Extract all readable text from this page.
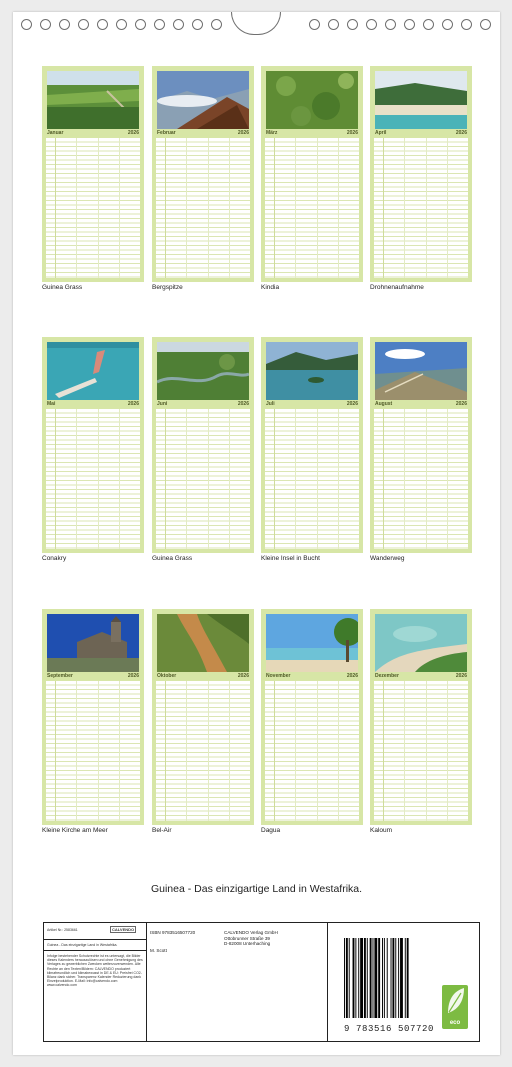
Januar	2026
Guinea Grass
Februar	2026
Bergspitze
März	2026
Kindia
April	2026
Drohnenaufnahme
Mai	2026
Conakry
Juni	2026
Guinea Grass
Juli	2026
Kleine Insel in Bucht
August	2026
Wanderweg
September	2026
Kleine Kirche am Meer
Oktober	2026
Bel-Air
November	2026
Dagua
Dezember	2026
Kaloum
Guinea - Das einzigartige Land in Westafrika.
Artikel Nr.: 2583661	CALVENDO
Guinea - Das einzigartige Land in Westafrika.
Infolge bestehender Schutzrechte ist es untersagt, die Bilder dieses Kalenders herauszulösen und ohne Genehmigung des Verlages zu gewerblichen Zwecken weiterzuverwenden. Alle Rechte an den Texten/Bildern: CALVENDO produziert klimafreundlich und klimabewusst in DE & EU: Preisfrei CO2-Bilanz dank sicher. Transparenz Kalender Reduzierung dank Einzelproduktion. E-Mail: info@calvendo.com www.calvendo.com
ISBN 9783516507720
M. Scott
CALVENDO Verlag GmbH
Ottobrunner Straße 39
D-82008 Unterhaching
9 783516 507720
eco
